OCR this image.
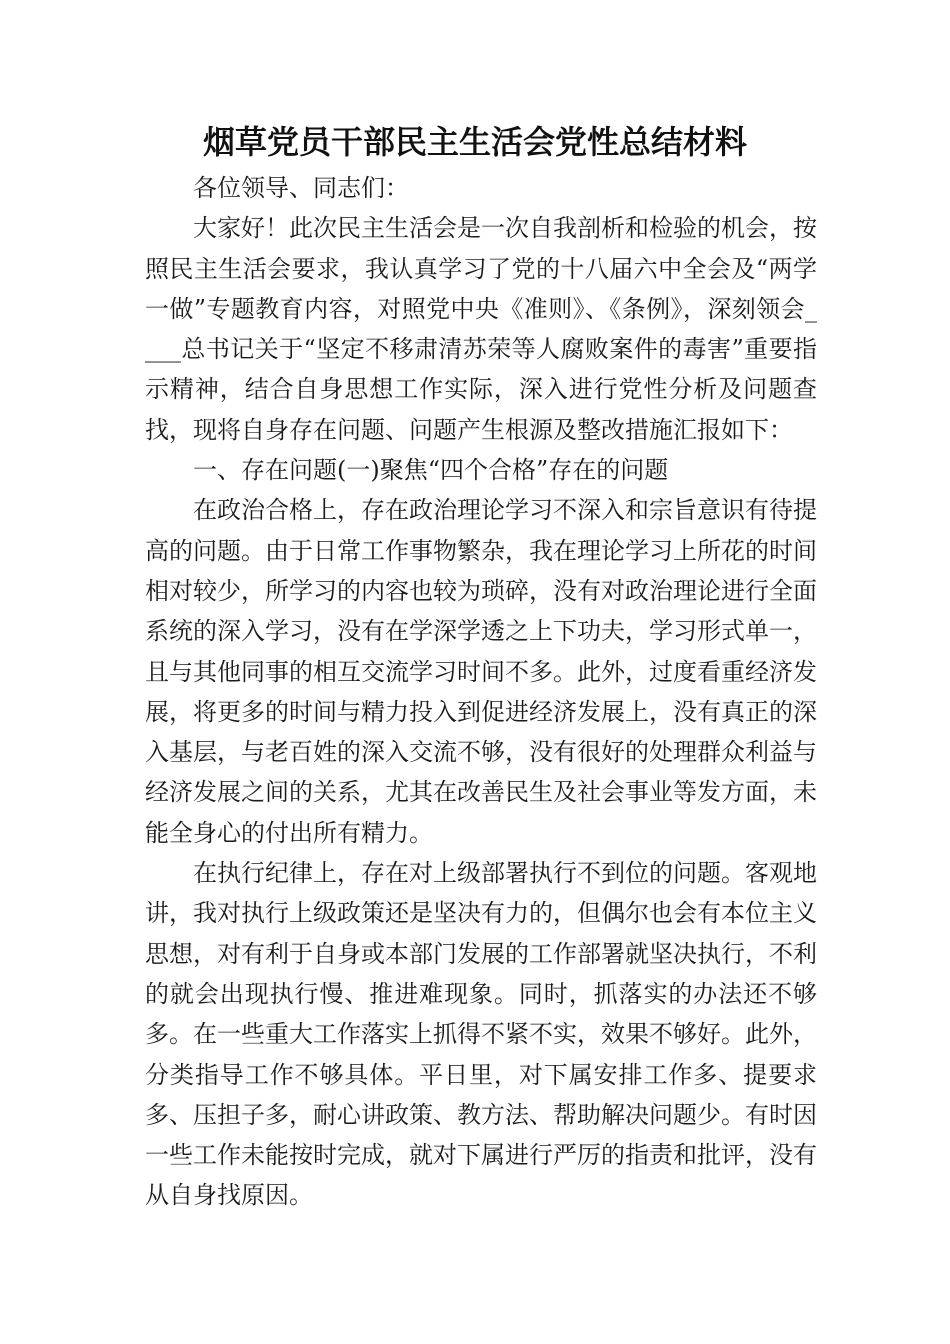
烟草党员干部民主生活会党性总结材料

各位领导、同志们：

大家好！此次民主生活会是一次自我剖析和检验的机会，按照民主生活会要求，我认真学习了党的十八届六中全会及“两学一做”专题教育内容，对照党中央《准则》、《条例》，深刻领会____总书记关于“坚定不移肃清苏荣等人腐败案件的毒害”重要指示精神，结合自身思想工作实际，深入进行党性分析及问题查找，现将自身存在问题、问题产生根源及整改措施汇报如下：

一、存在问题(一)聚焦“四个合格”存在的问题

在政治合格上，存在政治理论学习不深入和宗旨意识有待提高的问题。由于日常工作事物繁杂，我在理论学习上所花的时间相对较少，所学习的内容也较为琐碎，没有对政治理论进行全面系统的深入学习，没有在学深学透之上下功夫，学习形式单一，且与其他同事的相互交流学习时间不多。此外，过度看重经济发展，将更多的时间与精力投入到促进经济发展上，没有真正的深入基层，与老百姓的深入交流不够，没有很好的处理群众利益与经济发展之间的关系，尤其在改善民生及社会事业等发方面，未能全身心的付出所有精力。

在执行纪律上，存在对上级部署执行不到位的问题。客观地讲，我对执行上级政策还是坚决有力的，但偶尔也会有本位主义思想，对有利于自身或本部门发展的工作部署就坚决执行，不利的就会出现执行慢、推进难现象。同时，抓落实的办法还不够多。在一些重大工作落实上抓得不紧不实，效果不够好。此外，分类指导工作不够具体。平日里，对下属安排工作多、提要求多、压担子多，耐心讲政策、教方法、帮助解决问题少。有时因一些工作未能按时完成，就对下属进行严厉的指责和批评，没有从自身找原因。
